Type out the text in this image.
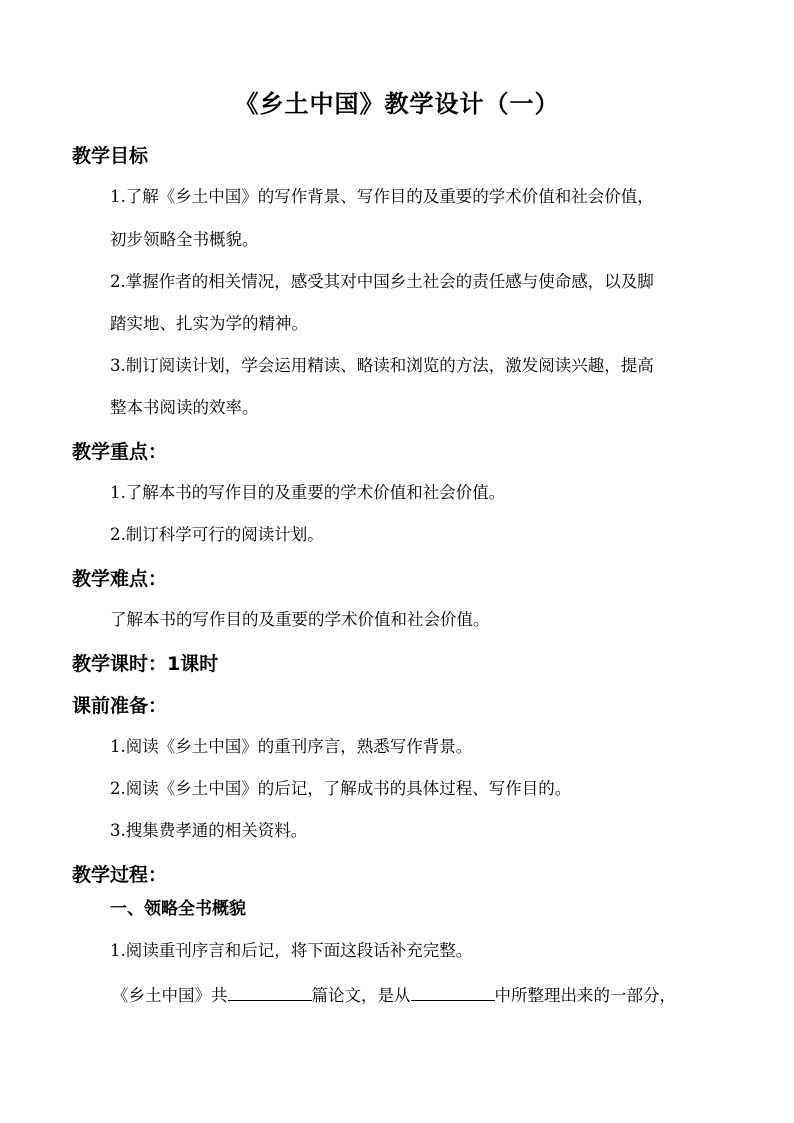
《乡土中国》教学设计（一）
教学目标
1.了解《乡土中国》的写作背景、写作目的及重要的学术价值和社会价值，
初步领略全书概貌。
2.掌握作者的相关情况，感受其对中国乡土社会的责任感与使命感，以及脚
踏实地、扎实为学的精神。
3.制订阅读计划，学会运用精读、略读和浏览的方法，激发阅读兴趣，提高
整本书阅读的效率。
教学重点：
1.了解本书的写作目的及重要的学术价值和社会价值。
2.制订科学可行的阅读计划。
教学难点：
了解本书的写作目的及重要的学术价值和社会价值。
教学课时：1课时
课前准备：
1.阅读《乡土中国》的重刊序言，熟悉写作背景。
2.阅读《乡土中国》的后记，了解成书的具体过程、写作目的。
3.搜集费孝通的相关资料。
教学过程：
一、领略全书概貌
1.阅读重刊序言和后记，将下面这段话补充完整。
《乡土中国》共	篇论文，是从	中所整理出来的一部分，
